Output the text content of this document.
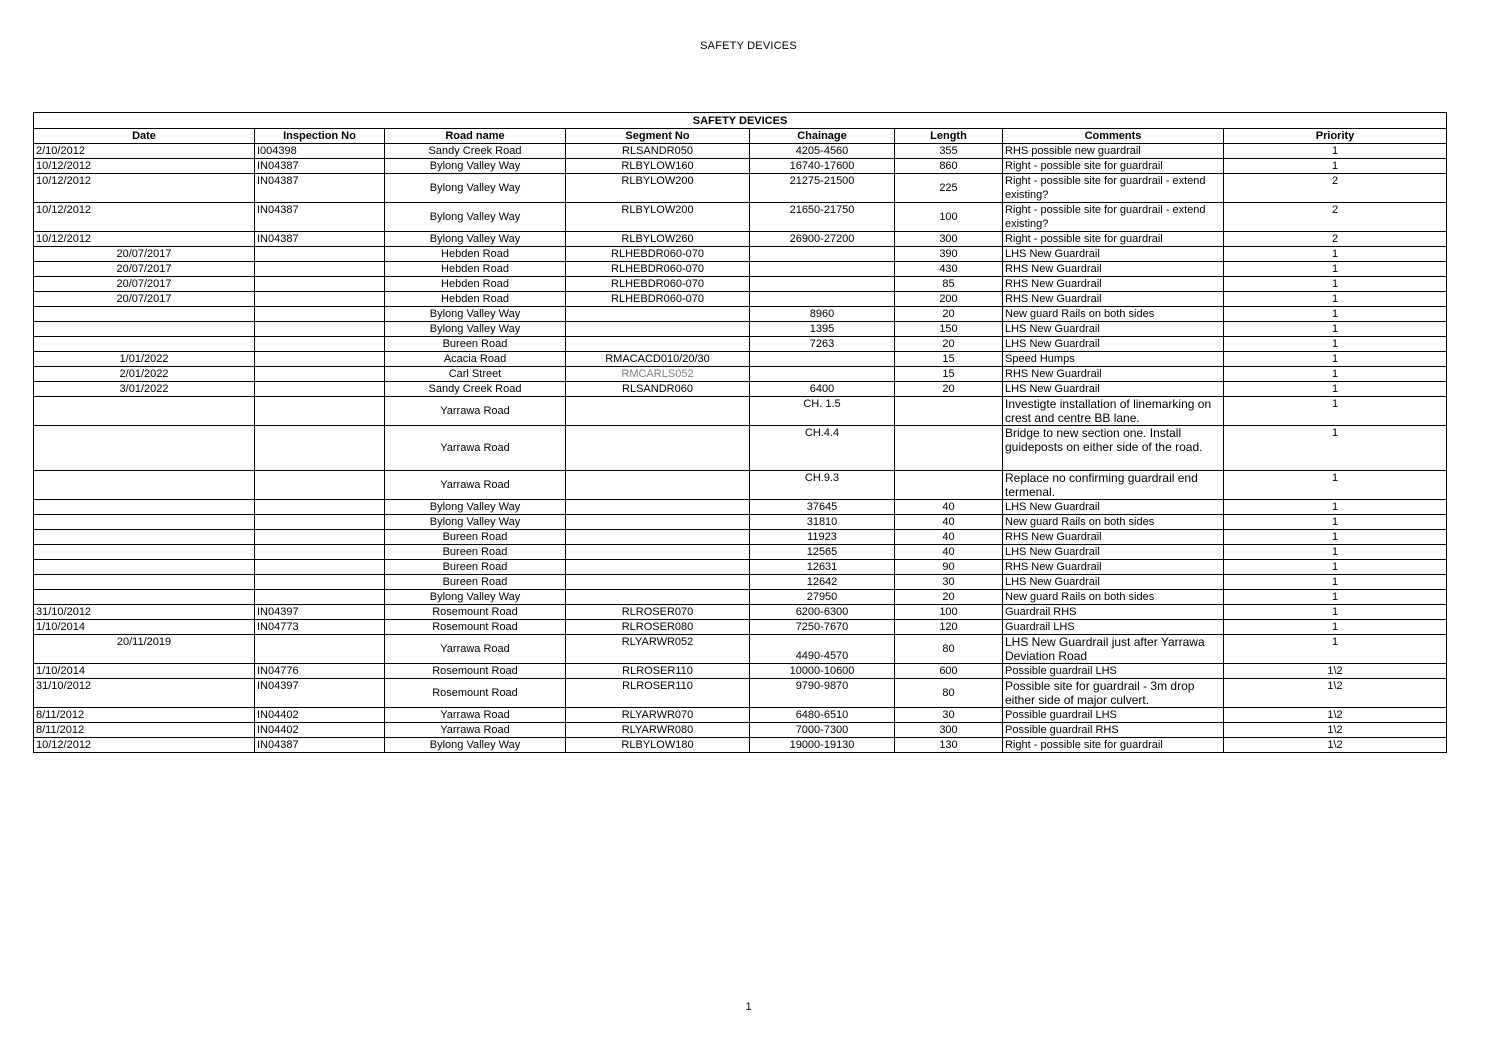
SAFETY DEVICES
SAFETY DEVICES							
Date	Inspection No	Road name	Segment No	Chainage	Length	Comments	Priority
2/10/2012	I004398	Sandy Creek Road	RLSANDR050	4205-4560	355	RHS possible new guardrail	1
10/12/2012	IN04387	Bylong Valley Way	RLBYLOW160	16740-17600	860	Right - possible site for guardrail	1
10/12/2012	IN04387	Bylong Valley Way	RLBYLOW200	21275-21500	225	Right - possible site for guardrail - extend existing?	2
10/12/2012	IN04387	Bylong Valley Way	RLBYLOW200	21650-21750	100	Right - possible site for guardrail - extend existing?	2
10/12/2012	IN04387	Bylong Valley Way	RLBYLOW260	26900-27200	300	Right - possible site for guardrail	2
20/07/2017		Hebden Road	RLHEBDR060-070		390	LHS New Guardrail	1
20/07/2017		Hebden Road	RLHEBDR060-070		430	RHS New Guardrail	1
20/07/2017		Hebden Road	RLHEBDR060-070		85	RHS New Guardrail	1
20/07/2017		Hebden Road	RLHEBDR060-070		200	RHS New Guardrail	1
		Bylong Valley Way		8960	20	New guard Rails on both sides	1
		Bylong Valley Way		1395	150	LHS New Guardrail	1
		Bureen Road		7263	20	LHS New Guardrail	1
1/01/2022		Acacia Road	RMACACD010/20/30		15	Speed Humps	1
2/01/2022		Carl Street	RMCARLS052		15	RHS New Guardrail	1
3/01/2022		Sandy Creek Road	RLSANDR060	6400	20	LHS New Guardrail	1
		Yarrawa Road		CH. 1.5		Investigte installation of linemarking on crest and centre BB lane.	1
		Yarrawa Road		CH.4.4		Bridge to new section one. Install guideposts on either side of the road.	1
		Yarrawa Road		CH.9.3		Replace no confirming guardrail end termenal.	1
		Bylong Valley Way		37645	40	LHS New Guardrail	1
		Bylong Valley Way		31810	40	New guard Rails on both sides	1
		Bureen Road		11923	40	RHS New Guardrail	1
		Bureen Road		12565	40	LHS New Guardrail	1
		Bureen Road		12631	90	RHS New Guardrail	1
		Bureen Road		12642	30	LHS New Guardrail	1
		Bylong Valley Way		27950	20	New guard Rails on both sides	1
31/10/2012	IN04397	Rosemount Road	RLROSER070	6200-6300	100	Guardrail RHS	1
1/10/2014	IN04773	Rosemount Road	RLROSER080	7250-7670	120	Guardrail LHS	1
20/11/2019		Yarrawa Road	RLYARWR052	4490-4570	80	LHS New Guardrail just after Yarrawa Deviation Road	1
1/10/2014	IN04776	Rosemount Road	RLROSER110	10000-10600	600	Possible guardrail LHS	1\2
31/10/2012	IN04397	Rosemount Road	RLROSER110	9790-9870	80	Possible site for guardrail - 3m drop either side of major culvert.	1\2
8/11/2012	IN04402	Yarrawa Road	RLYARWR070	6480-6510	30	Possible guardrail LHS	1\2
8/11/2012	IN04402	Yarrawa Road	RLYARWR080	7000-7300	300	Possible guardrail RHS	1\2
10/12/2012	IN04387	Bylong Valley Way	RLBYLOW180	19000-19130	130	Right - possible site for guardrail	1\2
1
